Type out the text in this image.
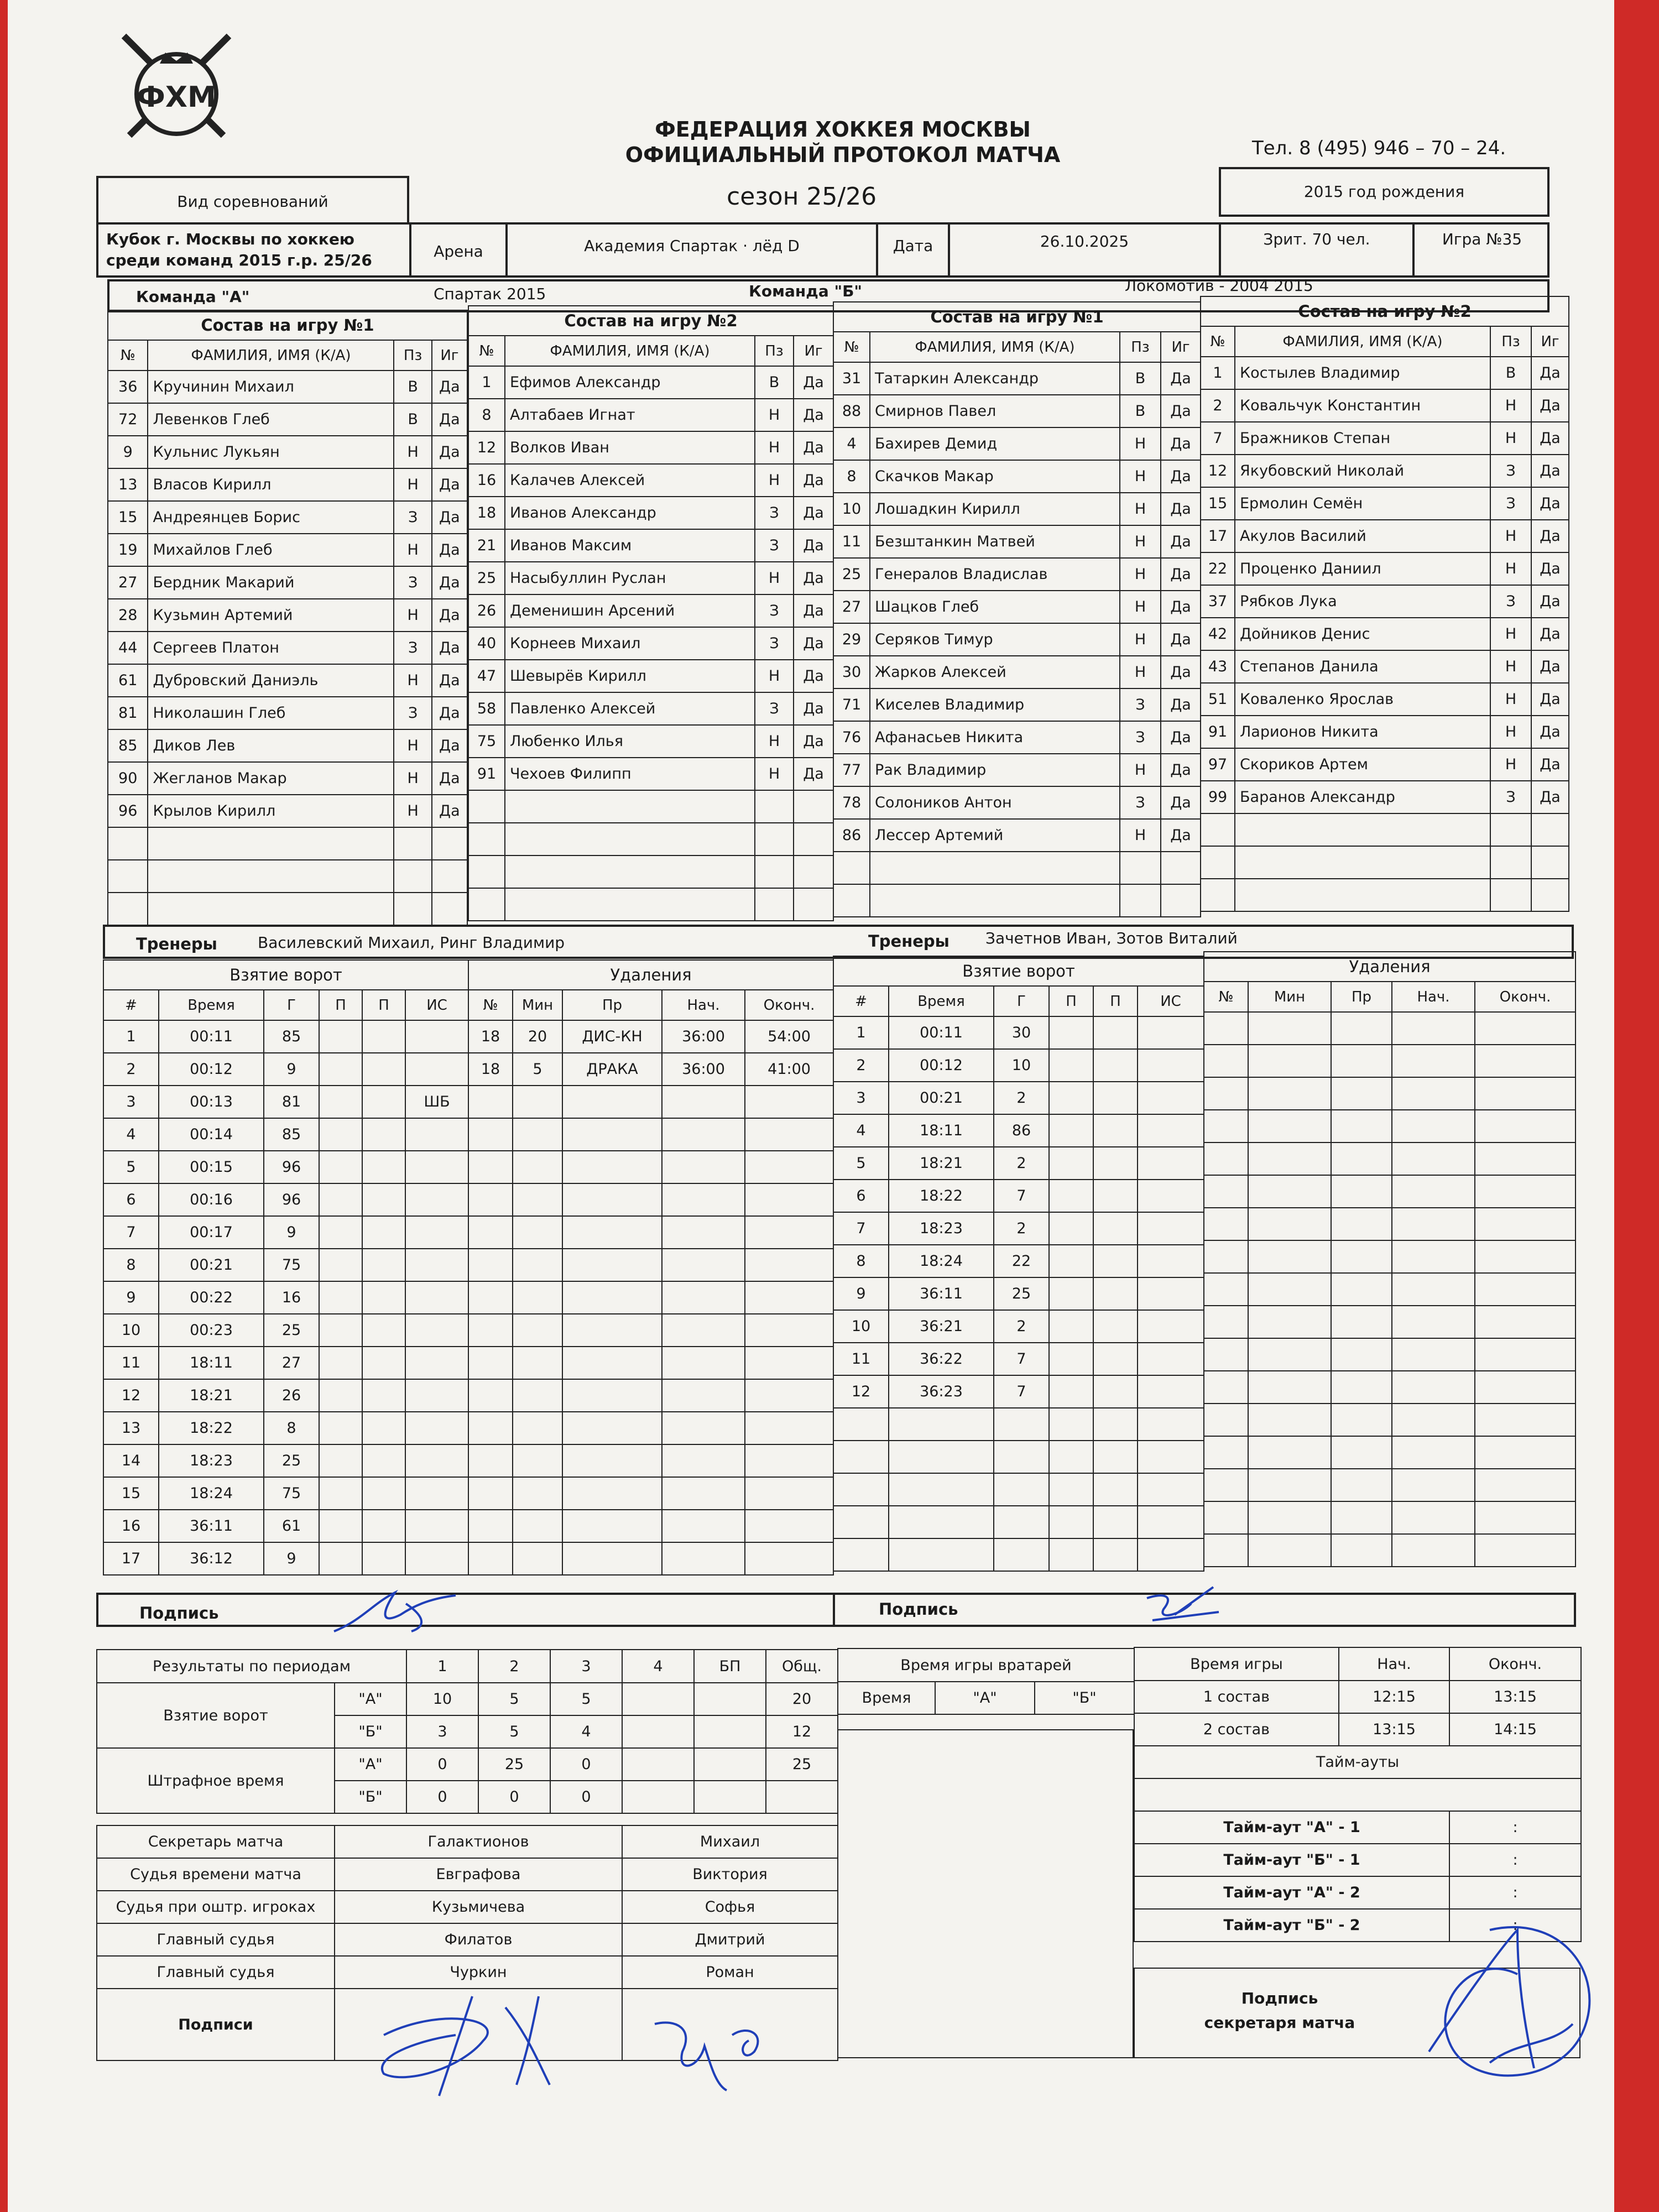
ФХМ
ФЕДЕРАЦИЯ ХОККЕЯ МОСКВЫ
ОФИЦИАЛЬНЫЙ ПРОТОКОЛ МАТЧА	Тел. 8 (495) 946 – 70 – 24.
Вид соревнований	сезон 25/26	2015 год рождения
Кубок г. Москвы по хоккею среди команд 2015 г.р. 25/26	Арена	Академия Спартак · лёд D	Дата	26.10.2025	Зрит. 70 чел.	Игра №35
Команда "А"	Спартак 2015	Команда "Б"	Локомотив - 2004 2015
Состав на игру №1			
№	ФАМИЛИЯ, ИМЯ (К/А)	Пз	Иг
36	Кручинин Михаил		В	Да
72	Левенков Глеб		В	Да
9	Кульнис Лукьян		Н	Да
13	Власов Кирилл		Н	Да
15	Андреянцев Борис		З	Да
19	Михайлов Глеб		Н	Да
27	Бердник Макарий		З	Да
28	Кузьмин Артемий		Н	Да
44	Сергеев Платон		З	Да
61	Дубровский Даниэль		Н	Да
81	Николашин Глеб		З	Да
85	Диков Лев		Н	Да
90	Жегланов Макар		Н	Да
96	Крылов Кирилл		Н	Да

Состав на игру №2			
№	ФАМИЛИЯ, ИМЯ (К/А)	Пз	Иг
1	Ефимов Александр		В	Да
8	Алтабаев Игнат		Н	Да
12	Волков Иван		Н	Да
16	Калачев Алексей		Н	Да
18	Иванов Александр		З	Да
21	Иванов Максим		З	Да
25	Насыбуллин Руслан		Н	Да
26	Деменишин Арсений		З	Да
40	Корнеев Михаил		З	Да
47	Шевырёв Кирилл		Н	Да
58	Павленко Алексей		З	Да
75	Любенко Илья		Н	Да
91	Чехоев Филипп		Н	Да

Состав на игру №1			
№	ФАМИЛИЯ, ИМЯ (К/А)	Пз	Иг
31	Татаркин Александр		В	Да
88	Смирнов Павел		В	Да
4	Бахирев Демид		Н	Да
8	Скачков Макар		Н	Да
10	Лошадкин Кирилл		Н	Да
11	Безштанкин Матвей		Н	Да
25	Генералов Владислав		Н	Да
27	Шацков Глеб		Н	Да
29	Серяков Тимур		Н	Да
30	Жарков Алексей		Н	Да
71	Киселев Владимир		З	Да
76	Афанасьев Никита		З	Да
77	Рак Владимир		Н	Да
78	Солоников Антон		З	Да
86	Лессер Артемий		Н	Да

Состав на игру №2			
№	ФАМИЛИЯ, ИМЯ (К/А)	Пз	Иг
1	Костылев Владимир		В	Да
2	Ковальчук Константин		Н	Да
7	Бражников Степан		Н	Да
12	Якубовский Николай		З	Да
15	Ермолин Семён		З	Да
17	Акулов Василий		Н	Да
22	Проценко Даниил		Н	Да
37	Рябков Лука		З	Да
42	Дойников Денис		Н	Да
43	Степанов Данила		Н	Да
51	Коваленко Ярослав		Н	Да
91	Ларионов Никита		Н	Да
97	Скориков Артем		Н	Да
99	Баранов Александр		З	Да

Тренеры	Василевский Михаил, Ринг Владимир	Тренеры Зачетнов Иван, Зотов Виталий
Взятие ворот					
#	Время	Г	П	П	ИС
1	00:11	85			
2	00:12	9			
3	00:13	81			ШБ
4	00:14	85			
5	00:15	96			
6	00:16	96			
7	00:17	9			
8	00:21	75			
9	00:22	16			
10	00:23	25			
11	18:11	27			
12	18:21	26			
13	18:22	8			
14	18:23	25			
15	18:24	75			
16	36:11	61			
17	36:12	9			
Удаления				
№	Мин	Пр	Нач.	Оконч.
18	20	ДИС-КН	36:00	54:00
18	5	ДРАКА	36:00	41:00

Взятие ворот					
#	Время	Г	П	П	ИС
1	00:11	30			
2	00:12	10			
3	00:21	2			
4	18:11	86			
5	18:21	2			
6	18:22	7			
7	18:23	2			
8	18:24	22			
9	36:11	25			
10	36:21	2			
11	36:22	7			
12	36:23	7			

Удаления				
№	Мин	Пр	Нач.	Оконч.

Подпись	Подпись
Результаты по периодам		1	2	3	4	БП	Общ.
Взятие ворот	"А"	10	5	5			20
	"Б"	3	5	4			12
Штрафное время	"А"	0	25	0			25
	"Б"	0	0	0			
Секретарь матча	Галактионов	Михаил
Судья времени матча	Евграфова	Виктория
Судья при оштр. игроках	Кузьмичева	Софья
Главный судья	Филатов	Дмитрий
Главный судья	Чуркин	Роман
Подписи		
Время игры вратарей
Время	"А"	"Б"
Время игры	Нач.	Оконч.
1 состав	12:15	13:15
2 состав	13:15	14:15
Тайм-ауты		

Тайм-аут "А" - 1		:
Тайм-аут "Б" - 1		:
Тайм-аут "А" - 2		:
Тайм-аут "Б" - 2		:
Подпись секретаря матча
